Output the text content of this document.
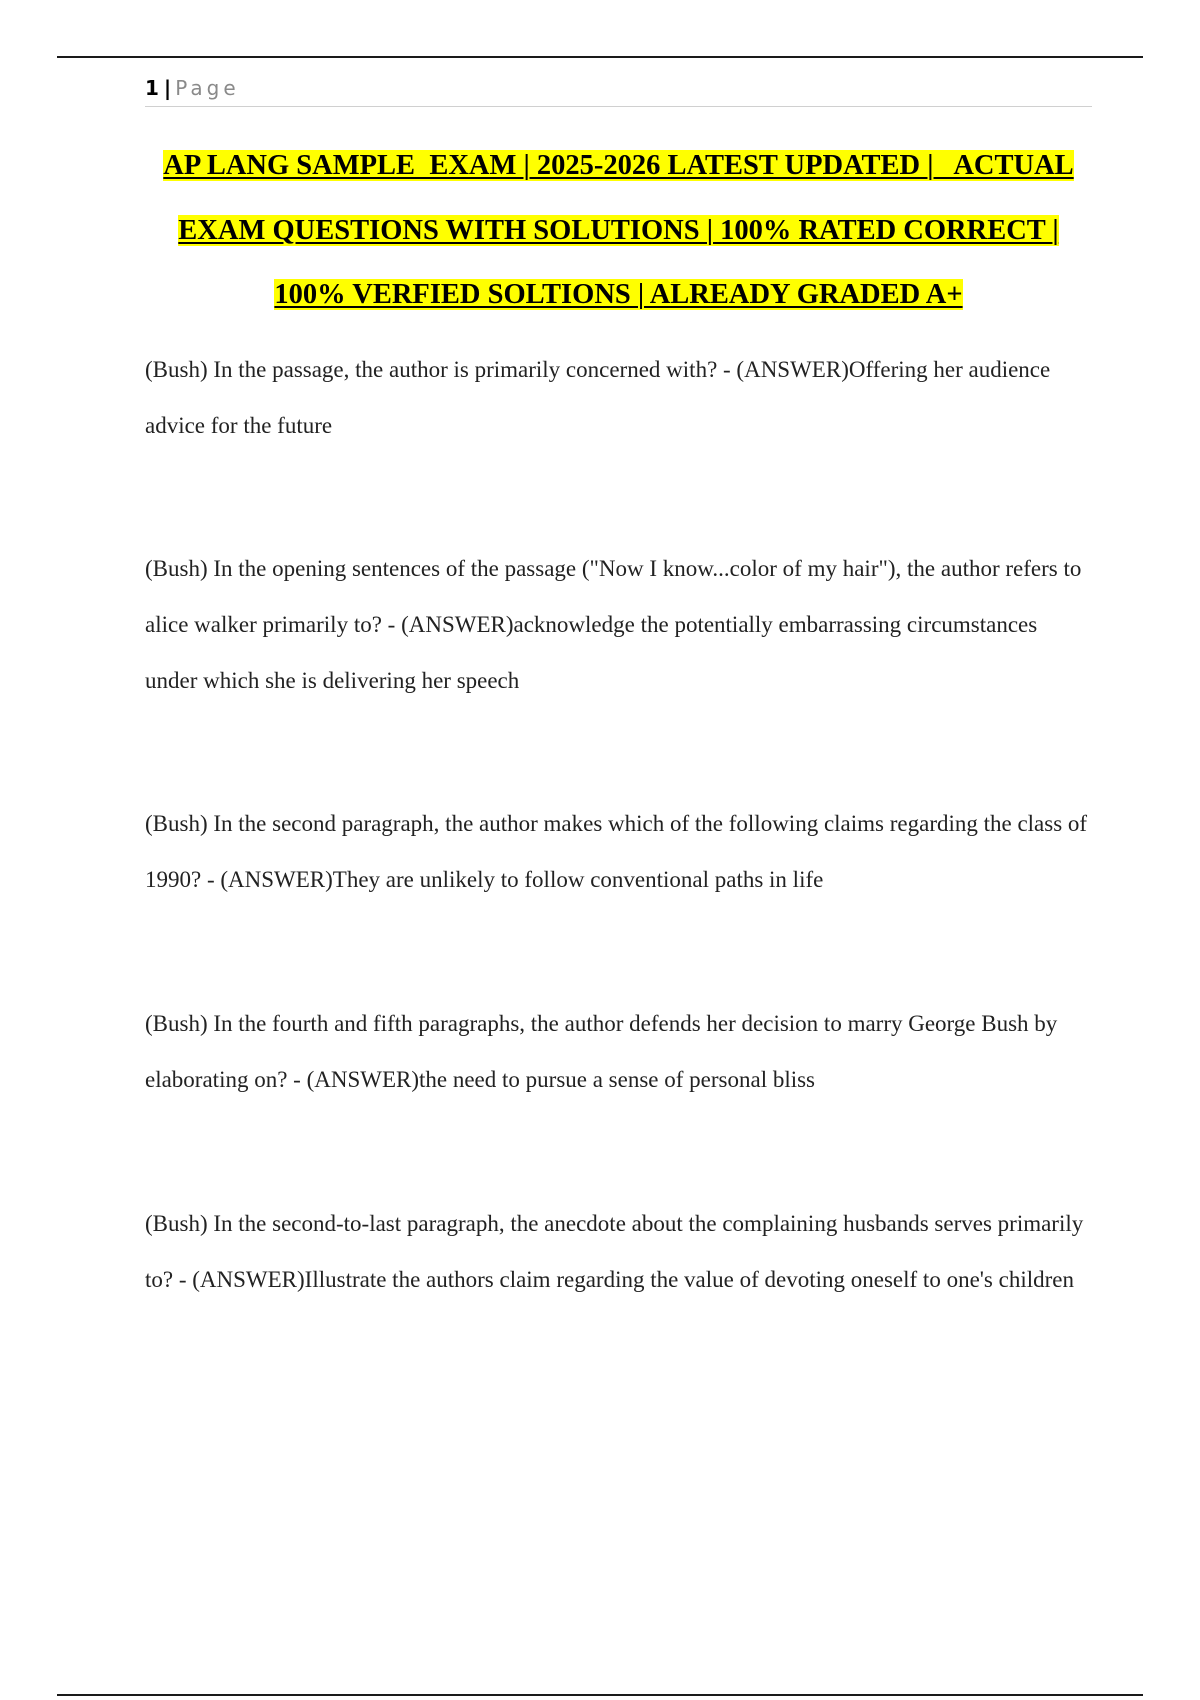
1 | Page
AP LANG SAMPLE  EXAM | 2025-2026 LATEST UPDATED |   ACTUAL
EXAM QUESTIONS WITH SOLUTIONS | 100% RATED CORRECT |
100% VERFIED SOLTIONS | ALREADY GRADED A+
(Bush) In the passage, the author is primarily concerned with? - (ANSWER)Offering her audience advice for the future
(Bush) In the opening sentences of the passage ("Now I know...color of my hair"), the author refers to alice walker primarily to? - (ANSWER)acknowledge the potentially embarrassing circumstances under which she is delivering her speech
(Bush) In the second paragraph, the author makes which of the following claims regarding the class of 1990? - (ANSWER)They are unlikely to follow conventional paths in life
(Bush) In the fourth and fifth paragraphs, the author defends her decision to marry George Bush by elaborating on? - (ANSWER)the need to pursue a sense of personal bliss
(Bush) In the second-to-last paragraph, the anecdote about the complaining husbands serves primarily to? - (ANSWER)Illustrate the authors claim regarding the value of devoting oneself to one's children
